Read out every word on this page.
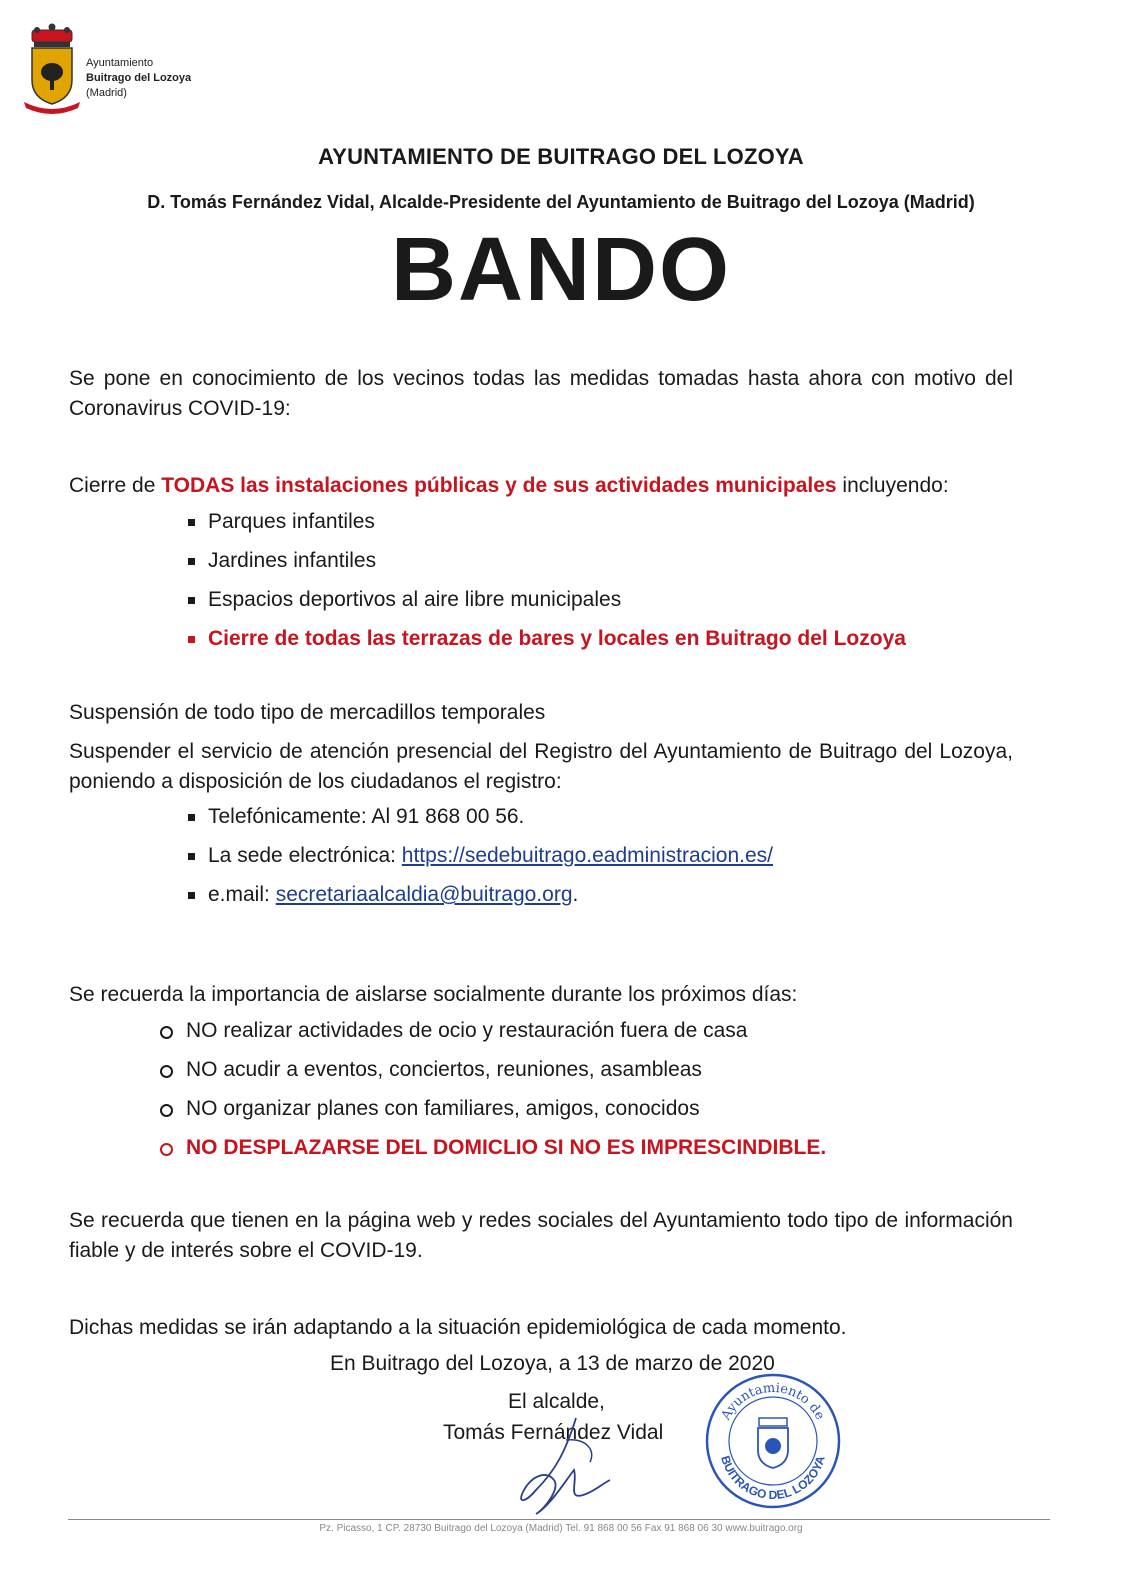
Ayuntamiento
Buitrago del Lozoya
(Madrid)
AYUNTAMIENTO DE BUITRAGO DEL LOZOYA
D. Tomás Fernández Vidal, Alcalde-Presidente del Ayuntamiento de Buitrago del Lozoya (Madrid)
BANDO
Se pone en conocimiento de los vecinos todas las medidas tomadas hasta ahora con motivo del Coronavirus COVID-19:
Cierre de TODAS las instalaciones públicas y de sus actividades municipales incluyendo:
Parques infantiles
Jardines infantiles
Espacios deportivos al aire libre municipales
Cierre de todas las terrazas de bares y locales en Buitrago del Lozoya
Suspensión de todo tipo de mercadillos temporales
Suspender el servicio de atención presencial del Registro del Ayuntamiento de Buitrago del Lozoya, poniendo a disposición de los ciudadanos el registro:
Telefónicamente: Al 91 868 00 56.
La sede electrónica: https://sedebuitrago.eadministracion.es/
e.mail: secretariaalcaldia@buitrago.org.
Se recuerda la importancia de aislarse socialmente durante los próximos días:
NO realizar actividades de ocio y restauración fuera de casa
NO acudir a eventos, conciertos, reuniones, asambleas
NO organizar planes con familiares, amigos, conocidos
NO DESPLAZARSE DEL DOMICLIO SI NO ES IMPRESCINDIBLE.
Se recuerda que tienen en la página web y redes sociales del Ayuntamiento todo tipo de información fiable y de interés sobre el COVID-19.
Dichas medidas se irán adaptando a la situación epidemiológica de cada momento.
En Buitrago del Lozoya, a 13 de marzo de 2020
El alcalde,
Tomás Fernández Vidal
Ayuntamiento de
BUITRAGO DEL LOZOYA
Pz. Picasso, 1 CP. 28730 Buitrago del Lozoya (Madrid) Tel. 91 868 00 56 Fax 91 868 06 30 www.buitrago.org
